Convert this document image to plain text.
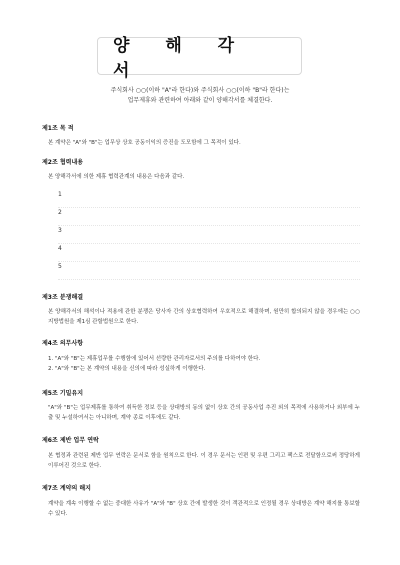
양 해 각 서
주식회사 ○○(이하 "A"라 한다)와 주식회사 ○○(이하 "B"라 한다)는
업무제휴와 관련하여 아래와 같이 양해각서를 체결한다.
제1조 목 적
본 계약은 "A"와 "B"는 업무상 상호 공동이익의 증진을 도모함에 그 목적이 있다.
제2조 협력내용
본 양해각서에 의한 제휴 협력관계의 내용은 다음과 같다.
1
2
3
4
5
제3조 분쟁해결
본 양해각서의 해석이나 적용에 관한 분쟁은 당사자 간의 상호협력하여 우호적으로 해결하며, 원만히 합의되지 않을 경우에는 ○○지방법원을 제1심 관할법원으로 한다.
제4조 의무사항
1. "A"와 "B"는 제휴업무를 수행함에 있어서 선량한 관리자로서의 주의를 다하여야 한다.
2. "A"와 "B"는 본 계약의 내용을 신의에 따라 성실하게 이행한다.
제5조 기밀유지
"A"와 "B"는 업무제휴를 통하여 취득한 정보 등을 상대방의 동의 없이 상호 간의 공동사업 추진 외의 목적에 사용하거나 외부에 누출 및 누설하여서는 아니하며, 계약 종료 이후에도 같다.
제6조 제반 업무 연락
본 협정과 관련된 제반 업무 연락은 문서로 함을 원칙으로 한다. 이 경우 문서는 인편 및 우편 그리고 팩스로 전달함으로써 정당하게 이루어진 것으로 한다.
제7조 계약의 해지
계약을 계속 이행할 수 없는 중대한 사유가 "A"와 "B" 상호 간에 발생한 것이 객관적으로 인정될 경우 상대방은 계약 해지를 통보할 수 있다.
